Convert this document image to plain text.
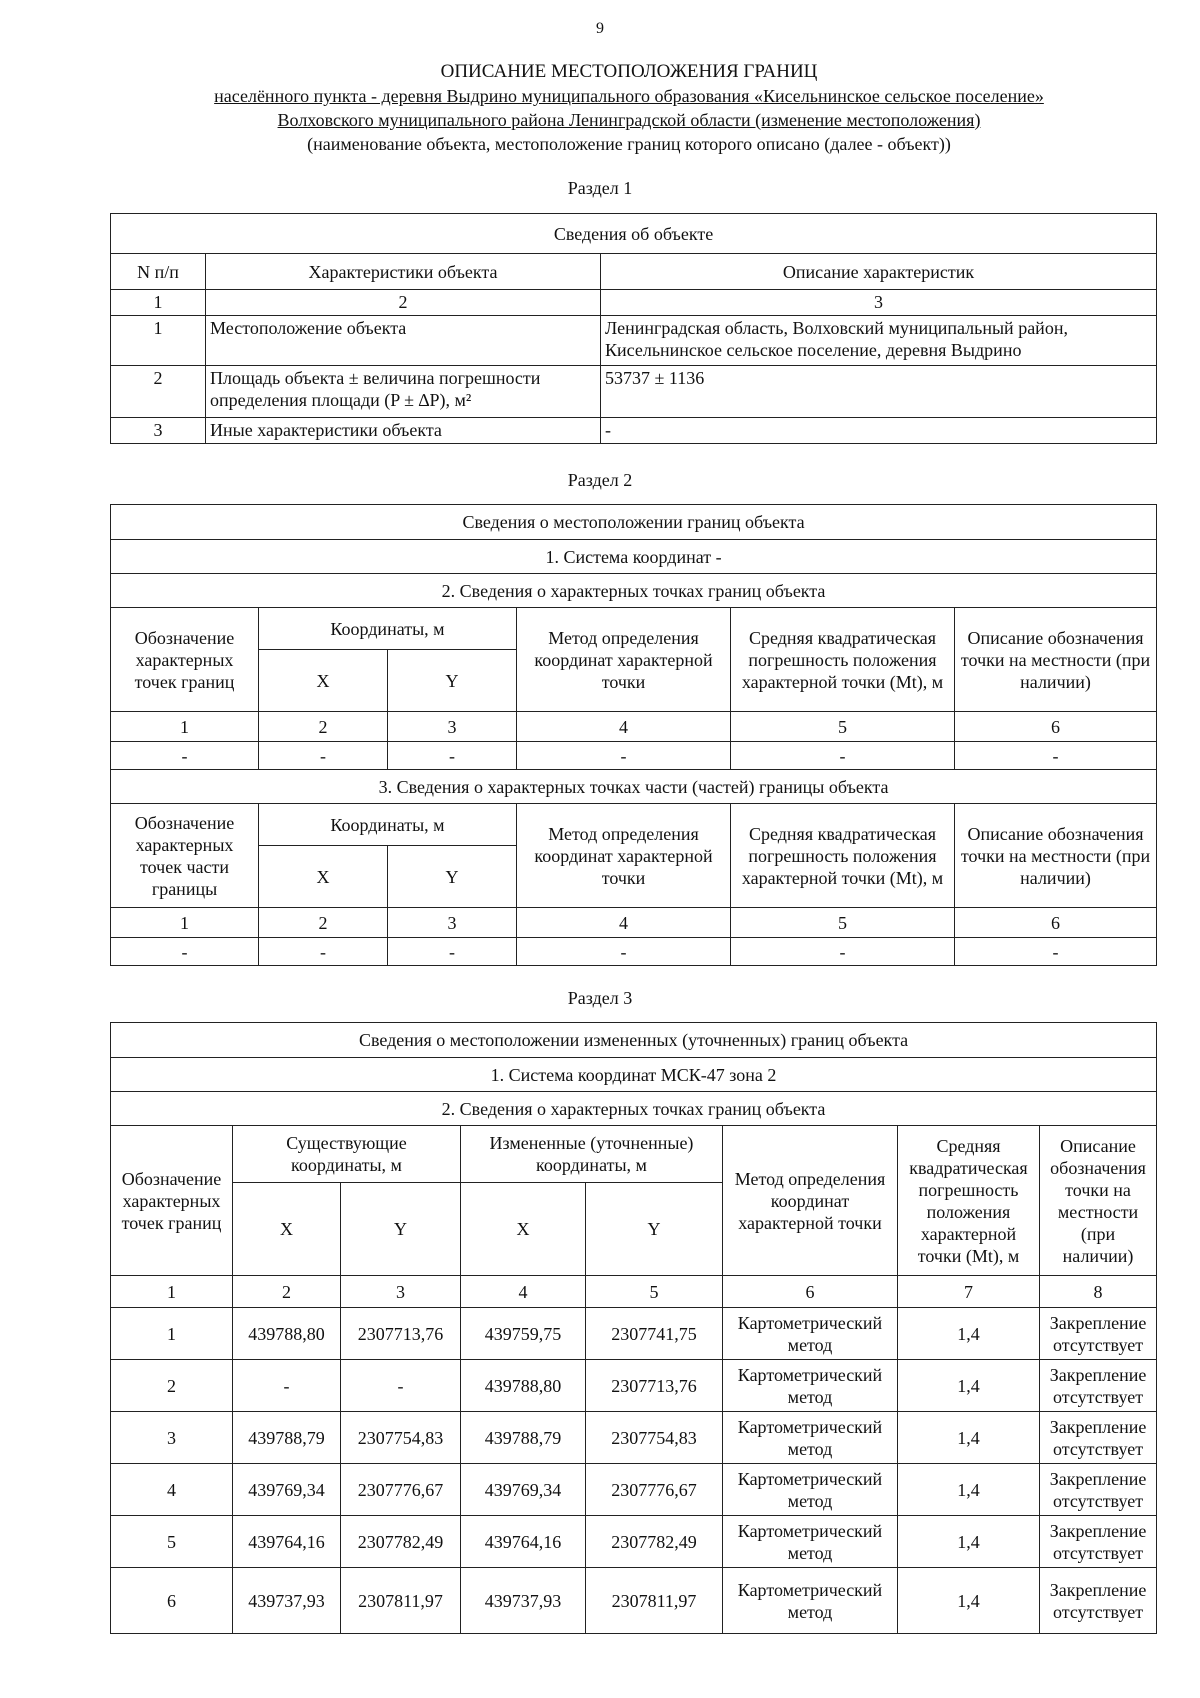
9
ОПИСАНИЕ МЕСТОПОЛОЖЕНИЯ ГРАНИЦ
населённого пункта - деревня Выдрино муниципального образования «Кисельнинское сельское поселение»
Волховского муниципального района Ленинградской области (изменение местоположения)
(наименование объекта, местоположение границ которого описано (далее - объект))
Раздел 1
Сведения об объекте		
N п/п	Характеристики объекта	Описание характеристик
1	2	3
1	Местоположение объекта	Ленинградская область, Волховский муниципальный район, Кисельнинское сельское поселение, деревня Выдрино
2	Площадь объекта ± величина погрешности определения площади (P ± ∆P), м²	53737 ± 1136
3	Иные характеристики объекта	-
Раздел 2
Сведения о местоположении границ объекта					
1. Система координат -					
2. Сведения о характерных точках границ объекта					
Обозначение характерных точек границ	Координаты, м		Метод определения координат характерной точки	Средняя квадратическая погрешность положения характерной точки (Mt), м	Описание обозначения точки на местности (при наличии)
	X	Y			
1	2	3	4	5	6
-	-	-	-	-	-
3. Сведения о характерных точках части (частей) границы объекта					
Обозначение характерных точек части границы	Координаты, м		Метод определения координат характерной точки	Средняя квадратическая погрешность положения характерной точки (Mt), м	Описание обозначения точки на местности (при наличии)
	X	Y			
1	2	3	4	5	6
-	-	-	-	-	-
Раздел 3
Сведения о местоположении измененных (уточненных) границ объекта							
1. Система координат МСК-47 зона 2							
2. Сведения о характерных точках границ объекта							
Обозначение характерных точек границ	Существующие координаты, м		Измененные (уточненные) координаты, м		Метод определения координат характерной точки	Средняя квадратическая погрешность положения характерной точки (Mt), м	Описание обозначения точки на местности (при наличии)
	X	Y	X	Y			
1	2	3	4	5	6	7	8
1	439788,80	2307713,76	439759,75	2307741,75	Картометрический метод	1,4	Закрепление отсутствует
2	-	-	439788,80	2307713,76	Картометрический метод	1,4	Закрепление отсутствует
3	439788,79	2307754,83	439788,79	2307754,83	Картометрический метод	1,4	Закрепление отсутствует
4	439769,34	2307776,67	439769,34	2307776,67	Картометрический метод	1,4	Закрепление отсутствует
5	439764,16	2307782,49	439764,16	2307782,49	Картометрический метод	1,4	Закрепление отсутствует
6	439737,93	2307811,97	439737,93	2307811,97	Картометрический метод	1,4	Закрепление отсутствует
